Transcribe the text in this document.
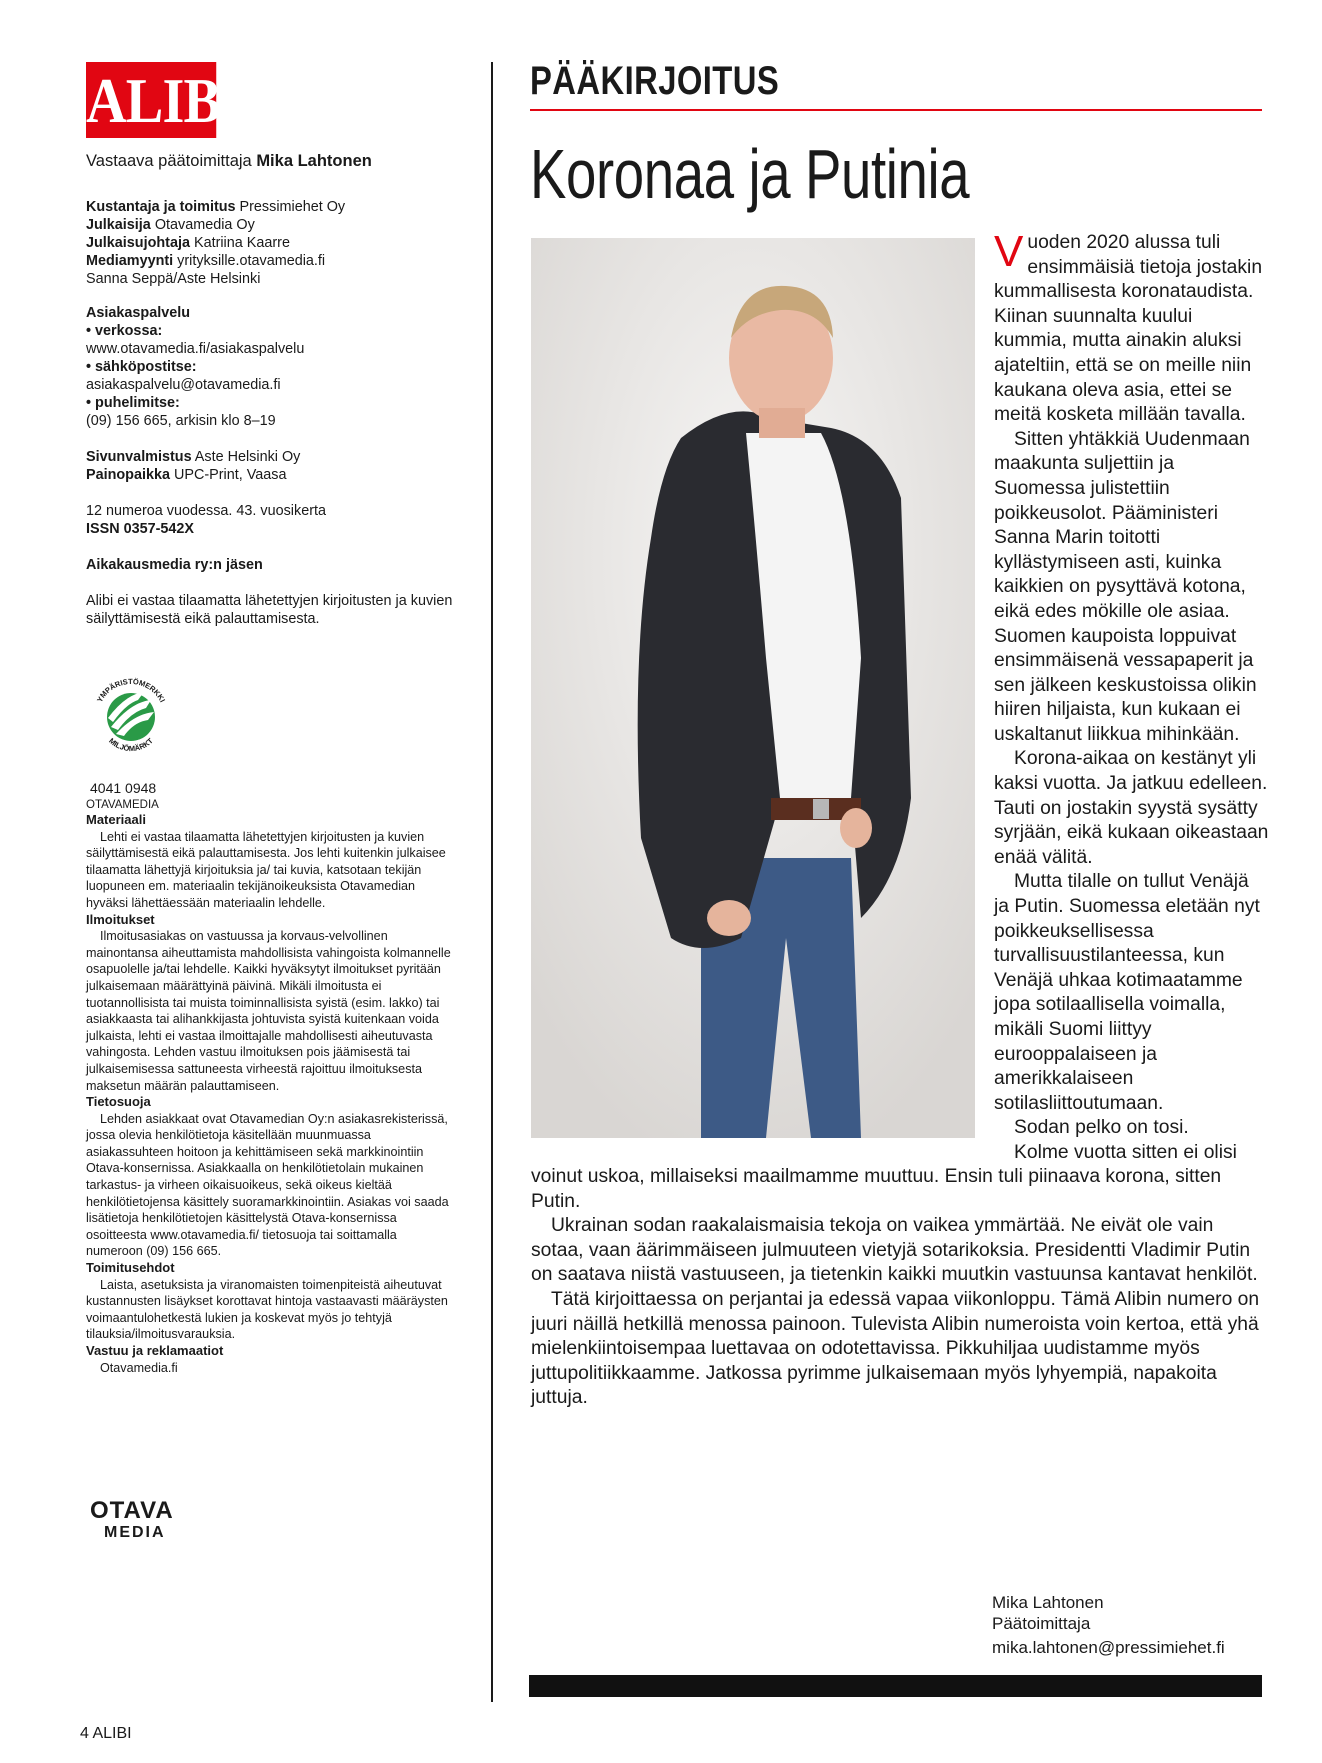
ALIBI
Vastaava päätoimittaja Mika Lahtonen

Kustantaja ja toimitus Pressimiehet Oy

Julkaisija Otavamedia Oy

Julkaisujohtaja Katriina Kaarre

Mediamyynti yrityksille.otavamedia.fi

Sanna Seppä/Aste Helsinki

Asiakaspalvelu

• verkossa:

www.otavamedia.fi/asiakaspalvelu

• sähköpostitse:

asiakaspalvelu@otavamedia.fi

• puhelimitse:

(09) 156 665, arkisin klo 8–19

Sivunvalmistus Aste Helsinki Oy

Painopaikka UPC-Print, Vaasa

12 numeroa vuodessa. 43. vuosikerta

ISSN 0357-542X

Aikakausmedia ry:n jäsen

Alibi ei vastaa tilaamatta lähetettyjen kirjoitusten ja kuvien säilyttämisestä eikä palauttamisesta.

YMPÄRISTÖMERKKI
MILJÖMÄRKT
4041 0948
OTAVAMEDIA

Materiaali

Lehti ei vastaa tilaamatta lähetettyjen kirjoitusten ja kuvien säilyttämisestä eikä palauttamisesta. Jos lehti kuitenkin julkaisee tilaamatta lähettyjä kirjoituksia ja/ tai kuvia, katsotaan tekijän luopuneen em. materiaalin tekijänoikeuksista Otavamedian hyväksi lähettäessään materiaalin lehdelle.

Ilmoitukset

Ilmoitusasiakas on vastuussa ja korvaus-velvollinen mainontansa aiheuttamista mahdollisista vahingoista kolmannelle osapuolelle ja/tai lehdelle. Kaikki hyväksytyt ilmoitukset pyritään julkaisemaan määrättyinä päivinä. Mikäli ilmoitusta ei tuotannollisista tai muista toiminnallisista syistä (esim. lakko) tai asiakkaasta tai alihankkijasta johtuvista syistä kuitenkaan voida julkaista, lehti ei vastaa ilmoittajalle mahdollisesti aiheutuvasta vahingosta. Lehden vastuu ilmoituksen pois jäämisestä tai julkaisemisessa sattuneesta virheestä rajoittuu ilmoituksesta maksetun määrän palauttamiseen.

Tietosuoja

Lehden asiakkaat ovat Otavamedian Oy:n asiakasrekisterissä, jossa olevia henkilötietoja käsitellään muunmuassa asiakassuhteen hoitoon ja kehittämiseen sekä markkinointiin Otava-konsernissa. Asiakkaalla on henkilötietolain mukainen tarkastus- ja virheen oikaisuoikeus, sekä oikeus kieltää henkilötietojensa käsittely suoramarkkinointiin. Asiakas voi saada lisätietoja henkilötietojen käsittelystä Otava-konsernissa osoitteesta www.otavamedia.fi/ tietosuoja tai soittamalla numeroon (09) 156 665.

Toimitusehdot

Laista, asetuksista ja viranomaisten toimenpiteistä aiheutuvat kustannusten lisäykset korottavat hintoja vastaavasti määräysten voimaantulohetkestä lukien ja koskevat myös jo tehtyjä tilauksia/ilmoitusvarauksia.

Vastuu ja reklamaatiot

Otavamedia.fi

OTAVA
MEDIA
PÄÄKIRJOITUS
Koronaa ja Putinia

Vuoden 2020 alussa tuli ensimmäisiä tietoja jostakin kummallisesta koronataudista. Kiinan suunnalta kuului kummia, mutta ainakin aluksi ajateltiin, että se on meille niin kaukana oleva asia, ettei se meitä kosketa millään tavalla.

Sitten yhtäkkiä Uudenmaan maakunta suljettiin ja Suomessa julistettiin poikkeusolot. Pääministeri Sanna Marin toitotti kyllästymiseen asti, kuinka kaikkien on pysyttävä kotona, eikä edes mökille ole asiaa. Suomen kaupoista loppuivat ensimmäisenä vessapaperit ja sen jälkeen keskustoissa olikin hiiren hiljaista, kun kukaan ei uskaltanut liikkua mihinkään.

Korona-aikaa on kestänyt yli kaksi vuotta. Ja jatkuu edelleen. Tauti on jostakin syystä sysätty syrjään, eikä kukaan oikeastaan enää välitä.

Mutta tilalle on tullut Venäjä ja Putin. Suomessa eletään nyt poikkeuksellisessa turvallisuustilanteessa, kun Venäjä uhkaa kotimaatamme jopa sotilaallisella voimalla, mikäli Suomi liittyy eurooppalaiseen ja amerikkalaiseen sotilasliittoutumaan.

Sodan pelko on tosi.

Kolme vuotta sitten ei olisi

voinut uskoa, millaiseksi maailmamme muuttuu. Ensin tuli piinaava korona, sitten Putin.

Ukrainan sodan raakalaismaisia tekoja on vaikea ymmärtää. Ne eivät ole vain sotaa, vaan äärimmäiseen julmuuteen vietyjä sotarikoksia. Presidentti Vladimir Putin on saatava niistä vastuuseen, ja tietenkin kaikki muutkin vastuunsa kantavat henkilöt.

Tätä kirjoittaessa on perjantai ja edessä vapaa viikonloppu. Tämä Alibin numero on juuri näillä hetkillä menossa painoon. Tulevista Alibin numeroista voin kertoa, että yhä mielenkiintoisempaa luettavaa on odotettavissa. Pikkuhiljaa uudistamme myös juttupolitiikkaamme. Jatkossa pyrimme julkaisemaan myös lyhyempiä, napakoita juttuja.

Mika Lahtonen

Päätoimittaja

mika.lahtonen@pressimiehet.fi

4 ALIBI
